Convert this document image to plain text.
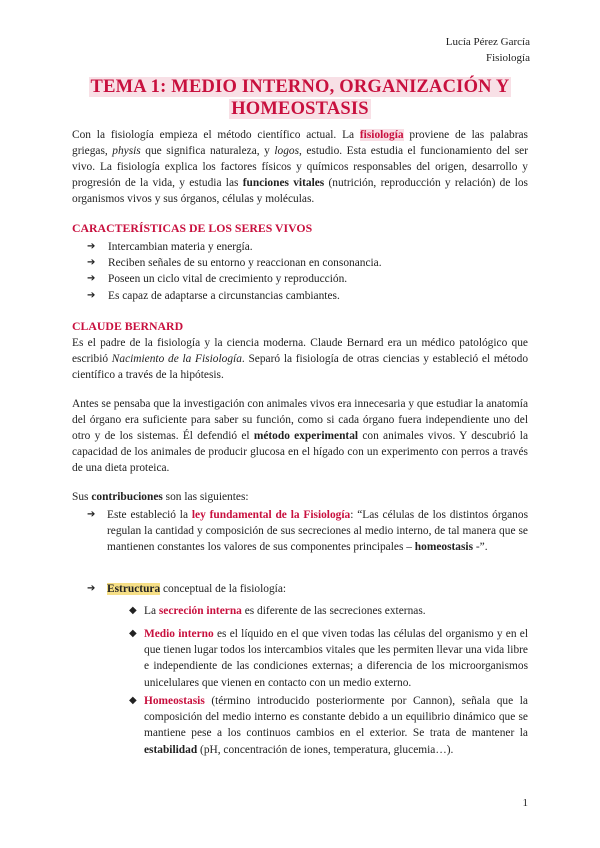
Lucía Pérez García
Fisiología
TEMA 1: MEDIO INTERNO, ORGANIZACIÓN Y
HOMEOSTASIS

Con la fisiología empieza el método científico actual. La fisiología proviene de las palabras griegas, physis que significa naturaleza, y logos, estudio. Esta estudia el funcionamiento del ser vivo. La fisiología explica los factores físicos y químicos responsables del origen, desarrollo y progresión de la vida, y estudia las funciones vitales (nutrición, reproducción y relación) de los organismos vivos y sus órganos, células y moléculas.

CARACTERÍSTICAS DE LOS SERES VIVOS
➔ Intercambian materia y energía.
➔ Reciben señales de su entorno y reaccionan en consonancia.
➔ Poseen un ciclo vital de crecimiento y reproducción.
➔ Es capaz de adaptarse a circunstancias cambiantes.
CLAUDE BERNARD

Es el padre de la fisiología y la ciencia moderna. Claude Bernard era un médico patológico que escribió Nacimiento de la Fisiología. Separó la fisiología de otras ciencias y estableció el método científico a través de la hipótesis.

Antes se pensaba que la investigación con animales vivos era innecesaria y que estudiar la anatomía del órgano era suficiente para saber su función, como si cada órgano fuera independiente uno del otro y de los sistemas. Él defendió el método experimental con animales vivos. Y descubrió la capacidad de los animales de producir glucosa en el hígado con un experimento con perros a través de una dieta proteica.

Sus contribuciones son las siguientes:

➔ Este estableció la ley fundamental de la Fisiología: “Las células de los distintos órganos regulan la cantidad y composición de sus secreciones al medio interno, de tal manera que se mantienen constantes los valores de sus componentes principales – homeostasis -”.
➔ Estructura conceptual de la fisiología:
◆ La secreción interna es diferente de las secreciones externas.
◆ Medio interno es el líquido en el que viven todas las células del organismo y en el que tienen lugar todos los intercambios vitales que les permiten llevar una vida libre e independiente de las condiciones externas; a diferencia de los microorganismos unicelulares que vienen en contacto con un medio externo.
◆ Homeostasis (término introducido posteriormente por Cannon), señala que la composición del medio interno es constante debido a un equilibrio dinámico que se mantiene pese a los continuos cambios en el exterior. Se trata de mantener la estabilidad (pH, concentración de iones, temperatura, glucemia…).
1
